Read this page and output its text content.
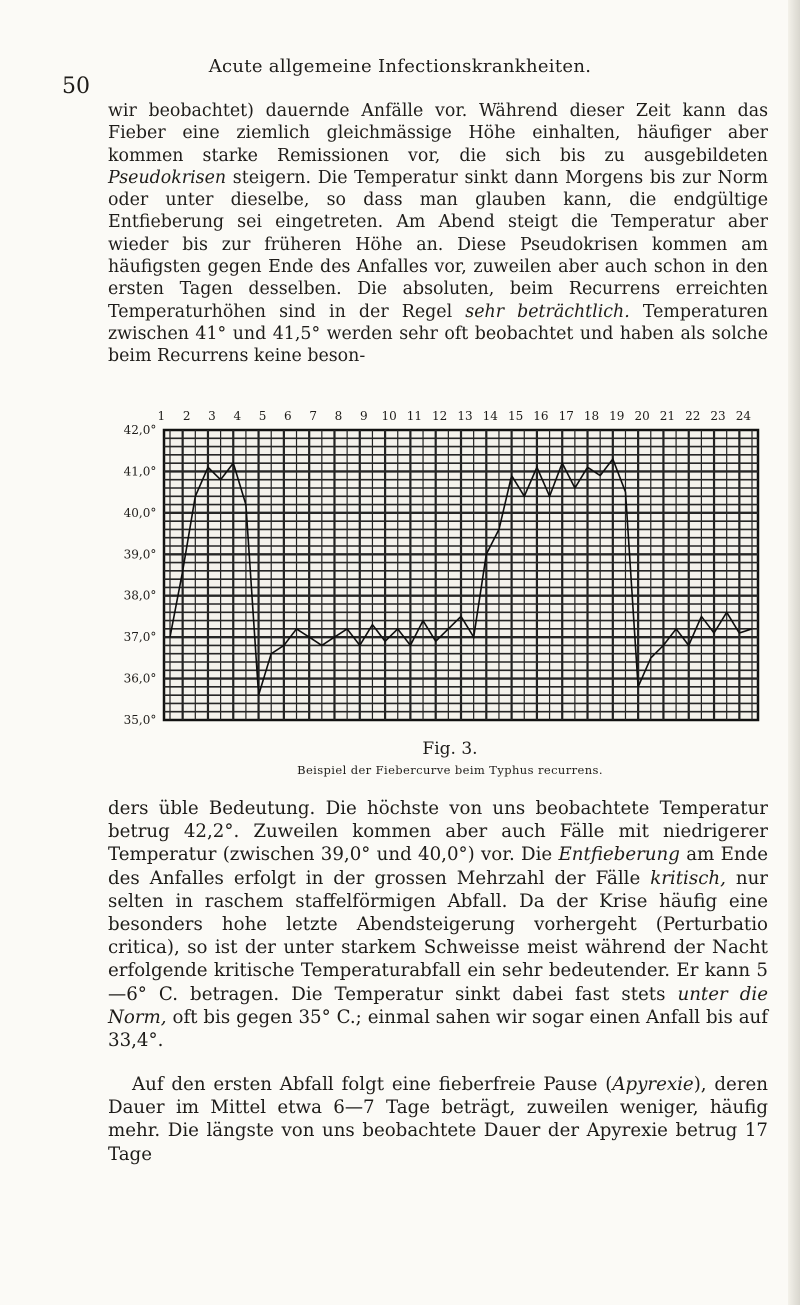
50
Acute allgemeine Infectionskrankheiten.

wir beobachtet) dauernde Anfälle vor. Während dieser Zeit kann das Fieber eine ziemlich gleichmässige Höhe einhalten, häufiger aber kommen starke Remissionen vor, die sich bis zu ausgebildeten Pseudokrisen steigern. Die Temperatur sinkt dann Morgens bis zur Norm oder unter dieselbe, so dass man glauben kann, die endgültige Entfieberung sei eingetreten. Am Abend steigt die Temperatur aber wieder bis zur früheren Höhe an. Diese Pseudokrisen kommen am häufigsten gegen Ende des Anfalles vor, zuweilen aber auch schon in den ersten Tagen desselben. Die absoluten, beim Recurrens erreichten Temperaturhöhen sind in der Regel sehr beträchtlich. Temperaturen zwischen 41° und 41,5° werden sehr oft beobachtet und haben als solche beim Recurrens keine beson-

42,0°
41,0°
40,0°
39,0°
38,0°
37,0°
36,0°
35,0°
1 2 3 4 5 6 7 8 9 10 11 12 13 14 15 16 17 18 19 20 21 22 23 24
Fig. 3.
Beispiel der Fiebercurve beim Typhus recurrens.

ders üble Bedeutung. Die höchste von uns beobachtete Temperatur betrug 42,2°. Zuweilen kommen aber auch Fälle mit niedrigerer Temperatur (zwischen 39,0° und 40,0°) vor. Die Entfieberung am Ende des Anfalles erfolgt in der grossen Mehrzahl der Fälle kritisch, nur selten in raschem staffelförmigen Abfall. Da der Krise häufig eine besonders hohe letzte Abendsteigerung vorhergeht (Perturbatio critica), so ist der unter starkem Schweisse meist während der Nacht erfolgende kritische Temperaturabfall ein sehr bedeutender. Er kann 5—6° C. betragen. Die Temperatur sinkt dabei fast stets unter die Norm, oft bis gegen 35° C.; einmal sahen wir sogar einen Anfall bis auf 33,4°.

Auf den ersten Abfall folgt eine fieberfreie Pause (Apyrexie), deren Dauer im Mittel etwa 6—7 Tage beträgt, zuweilen weniger, häufig mehr. Die längste von uns beobachtete Dauer der Apyrexie betrug 17 Tage
